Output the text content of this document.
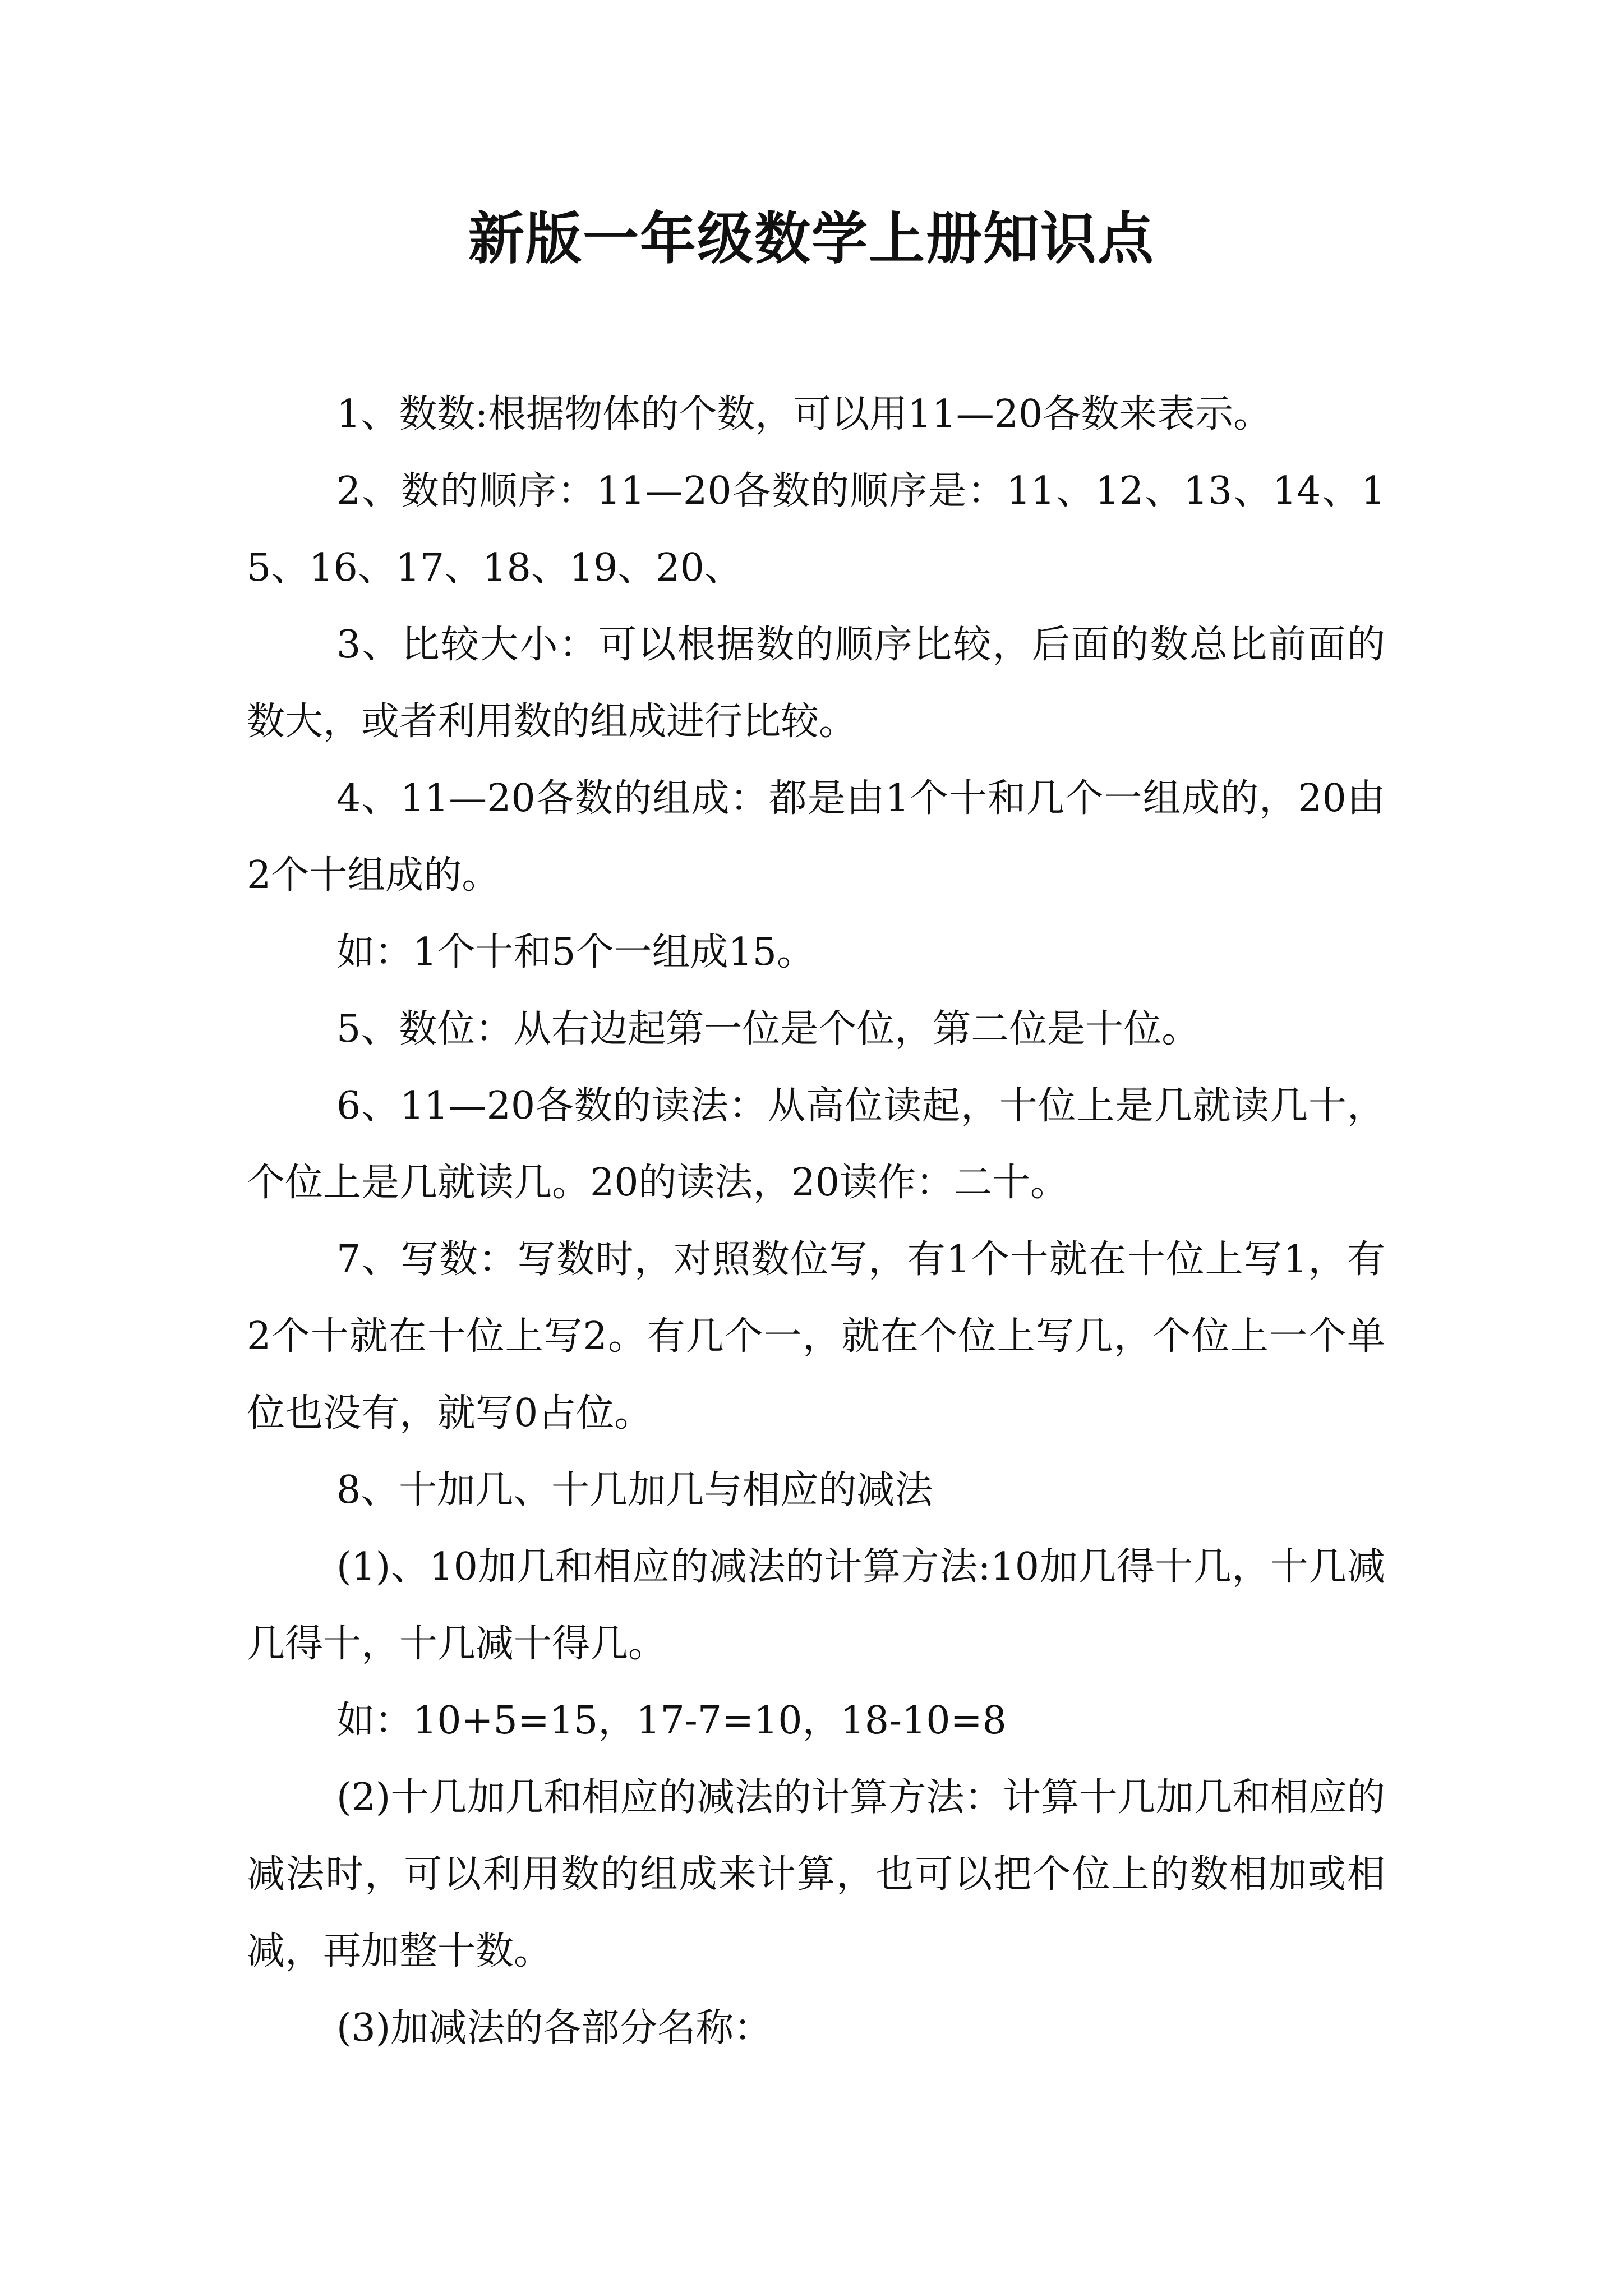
新版一年级数学上册知识点

1、数数:根据物体的个数，可以用11—20各数来表示。

2、数的顺序：11—20各数的顺序是：11、12、13、14、15、16、17、18、19、20、

3、比较大小：可以根据数的顺序比较，后面的数总比前面的数大，或者利用数的组成进行比较。

4、11—20各数的组成：都是由1个十和几个一组成的，20由2个十组成的。

如：1个十和5个一组成15。

5、数位：从右边起第一位是个位，第二位是十位。

6、11—20各数的读法：从高位读起，十位上是几就读几十，个位上是几就读几。20的读法，20读作：二十。

7、写数：写数时，对照数位写，有1个十就在十位上写1，有2个十就在十位上写2。有几个一，就在个位上写几，个位上一个单位也没有，就写0占位。

8、十加几、十几加几与相应的减法

(1)、10加几和相应的减法的计算方法:10加几得十几，十几减几得十，十几减十得几。

如：10+5=15，17-7=10，18-10=8

(2)十几加几和相应的减法的计算方法：计算十几加几和相应的减法时，可以利用数的组成来计算，也可以把个位上的数相加或相减，再加整十数。

(3)加减法的各部分名称：
